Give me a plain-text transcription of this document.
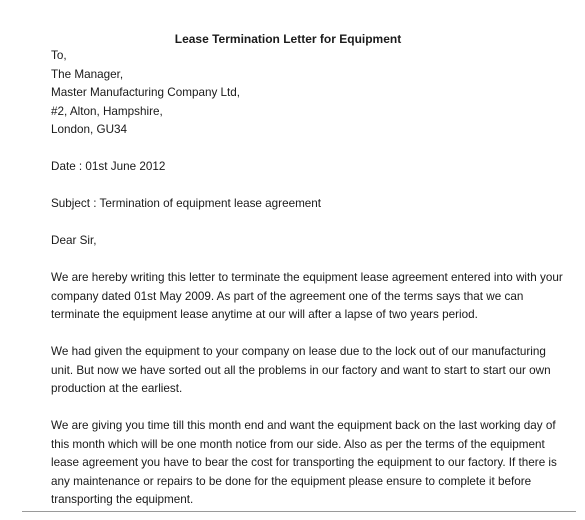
Lease Termination Letter for Equipment
To,
The Manager,
Master Manufacturing Company Ltd,
#2, Alton, Hampshire,
London, GU34
Date : 01st June 2012
Subject : Termination of equipment lease agreement
Dear Sir,
We are hereby writing this letter to terminate the equipment lease agreement entered into with your
company dated 01st May 2009. As part of the agreement one of the terms says that we can
terminate the equipment lease anytime at our will after a lapse of two years period.
We had given the equipment to your company on lease due to the lock out of our manufacturing
unit. But now we have sorted out all the problems in our factory and want to start to start our own
production at the earliest.
We are giving you time till this month end and want the equipment back on the last working day of
this month which will be one month notice from our side. Also as per the terms of the equipment
lease agreement you have to bear the cost for transporting the equipment to our factory. If there is
any maintenance or repairs to be done for the equipment please ensure to complete it before
transporting the equipment.
